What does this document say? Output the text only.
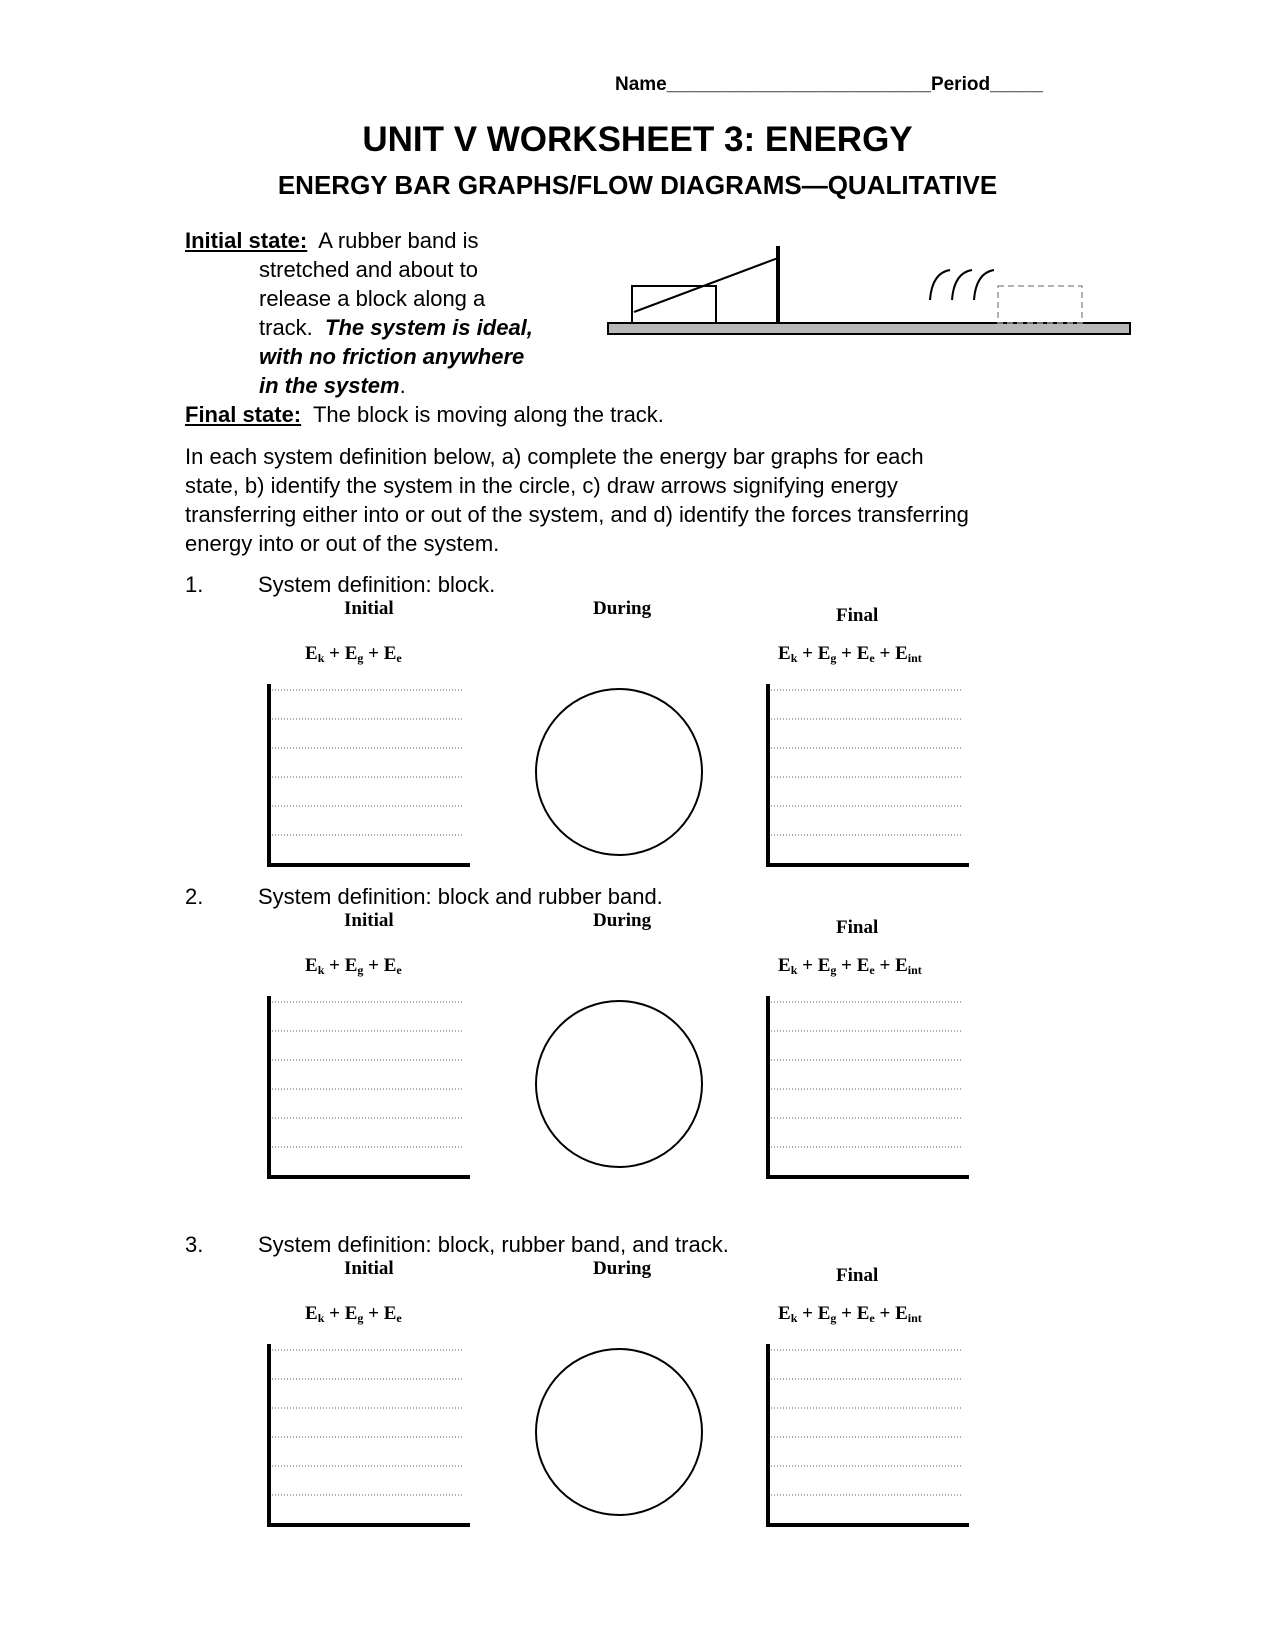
Name_________________________Period_____
UNIT V WORKSHEET 3: ENERGY
ENERGY BAR GRAPHS/FLOW DIAGRAMS—QUALITATIVE
Initial state: A rubber band is
stretched and about to
release a block along a
track. The system is ideal,
with no friction anywhere
in the system.
Final state: The block is moving along the track.
In each system definition below, a) complete the energy bar graphs for each
state, b) identify the system in the circle, c) draw arrows signifying energy
transferring either into or out of the system, and d) identify the forces transferring
energy into or out of the system.
1. System definition: block.
Initial	During	Final
$E_k + E_g + E_e$	$E_k + E_g + E_e + E_{int}$
2. System definition: block and rubber band.
Initial	During	Final
$E_k + E_g + E_e$	$E_k + E_g + E_e + E_{int}$
3. System definition: block, rubber band, and track.
Initial	During	Final
$E_k + E_g + E_e$	$E_k + E_g + E_e + E_{int}$
